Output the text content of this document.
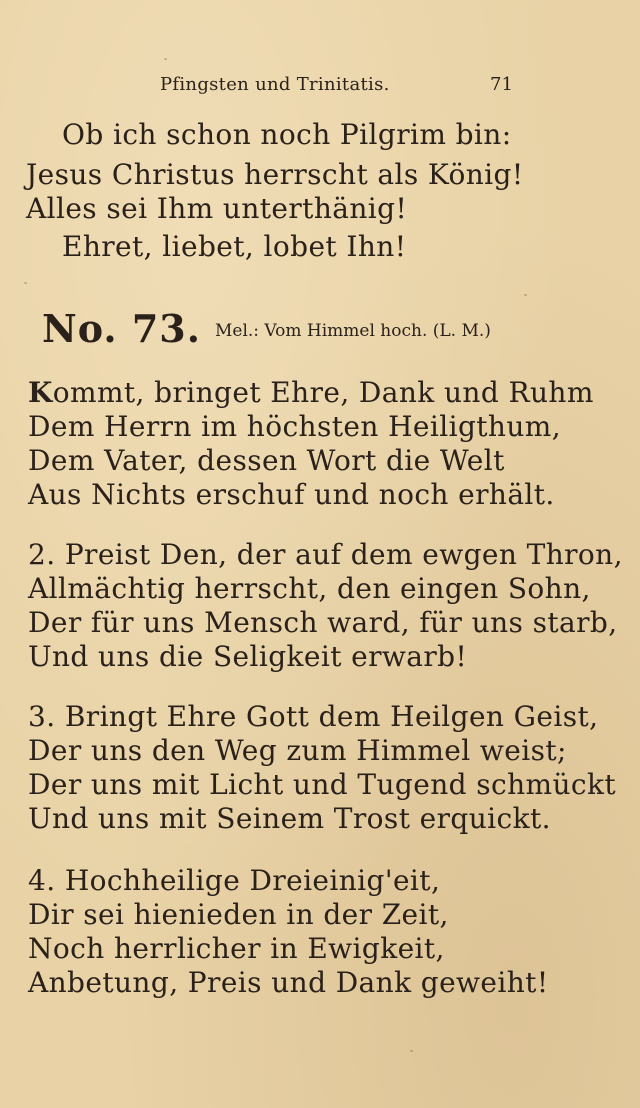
Pfingsten und Trinitatis.	71
Ob ich schon noch Pilgrim bin:
Jesus Christus herrscht als König!
Alles sei Ihm unterthänig!
Ehret, liebet, lobet Ihn!
No. 73. Mel.: Vom Himmel hoch. (L. M.)
Kommt, bringet Ehre, Dank und Ruhm
Dem Herrn im höchsten Heiligthum,
Dem Vater, dessen Wort die Welt
Aus Nichts erschuf und noch erhält.
2. Preist Den, der auf dem ewgen Thron,
Allmächtig herrscht, den eingen Sohn,
Der für uns Mensch ward, für uns starb,
Und uns die Seligkeit erwarb!
3. Bringt Ehre Gott dem Heilgen Geist,
Der uns den Weg zum Himmel weist;
Der uns mit Licht und Tugend schmückt
Und uns mit Seinem Trost erquickt.
4. Hochheilige Dreieinig'eit,
Dir sei hienieden in der Zeit,
Noch herrlicher in Ewigkeit,
Anbetung, Preis und Dank geweiht!
